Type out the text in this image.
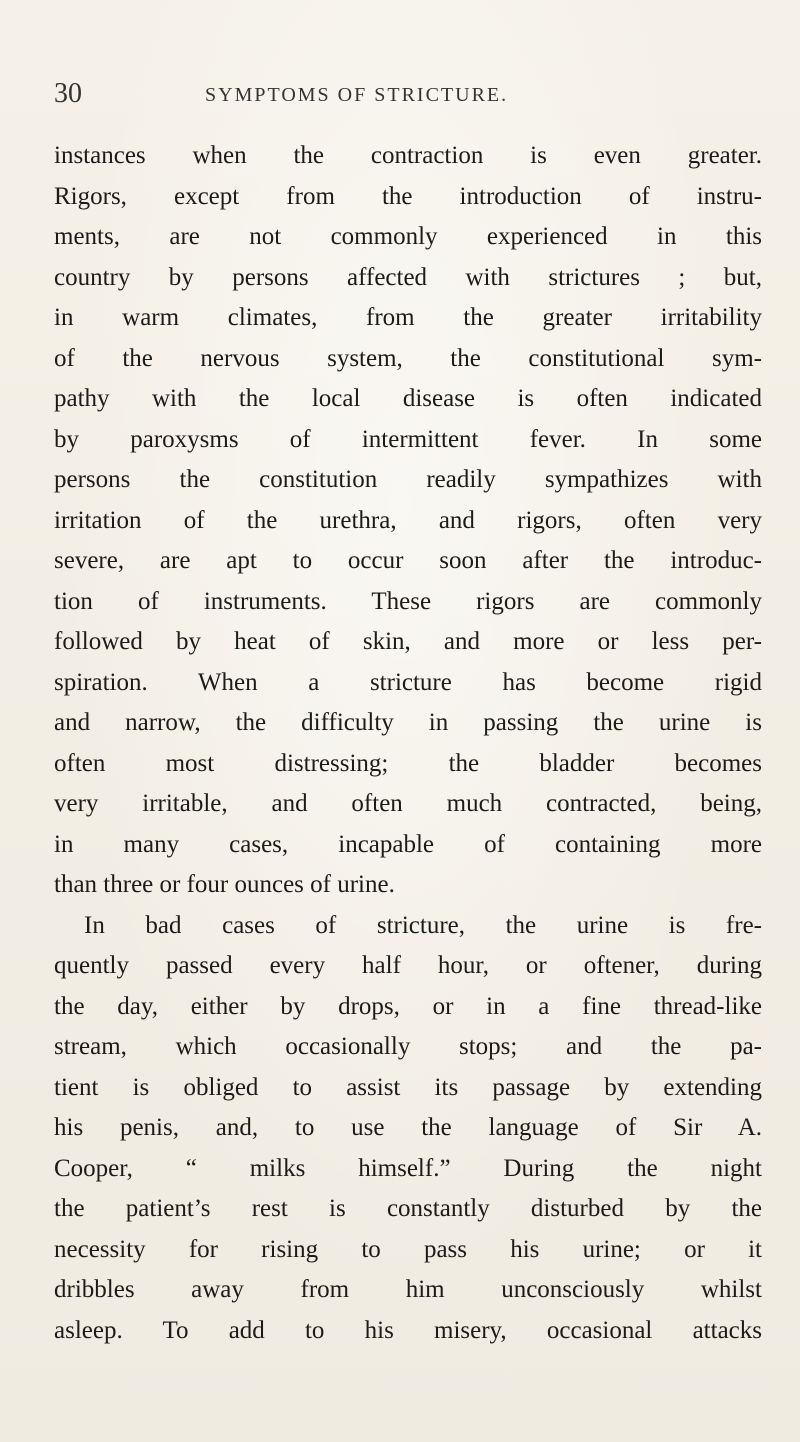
30	SYMPTOMS OF STRICTURE.
instances when the contraction is even greater.
Rigors, except from the introduction of instru-
ments, are not commonly experienced in this
country by persons affected with strictures ; but,
in warm climates, from the greater irritability
of the nervous system, the constitutional sym-
pathy with the local disease is often indicated
by paroxysms of intermittent fever. In some
persons the constitution readily sympathizes with
irritation of the urethra, and rigors, often very
severe, are apt to occur soon after the introduc-
tion of instruments. These rigors are commonly
followed by heat of skin, and more or less per-
spiration. When a stricture has become rigid
and narrow, the difficulty in passing the urine is
often most distressing; the bladder becomes
very irritable, and often much contracted, being,
in many cases, incapable of containing more
than three or four ounces of urine.
In bad cases of stricture, the urine is fre-
quently passed every half hour, or oftener, during
the day, either by drops, or in a fine thread-like
stream, which occasionally stops; and the pa-
tient is obliged to assist its passage by extending
his penis, and, to use the language of Sir A.
Cooper, “ milks himself.” During the night
the patient’s rest is constantly disturbed by the
necessity for rising to pass his urine; or it
dribbles away from him unconsciously whilst
asleep. To add to his misery, occasional attacks
